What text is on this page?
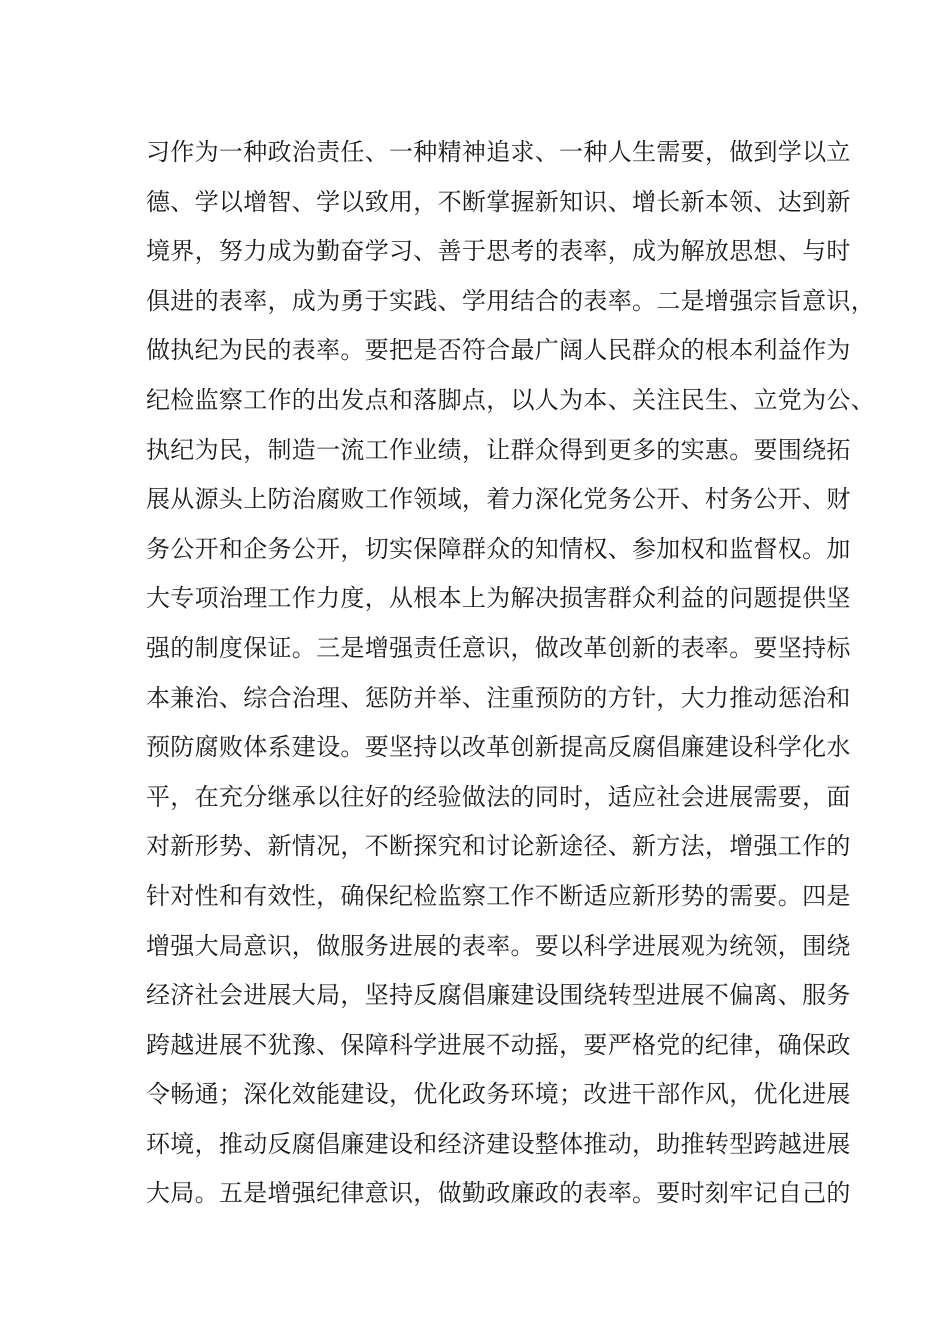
习作为一种政治责任、一种精神追求、一种人生需要，做到学以立
德、学以增智、学以致用，不断掌握新知识、增长新本领、达到新
境界，努力成为勤奋学习、善于思考的表率，成为解放思想、与时
俱进的表率，成为勇于实践、学用结合的表率。二是增强宗旨意识，
做执纪为民的表率。要把是否符合最广阔人民群众的根本利益作为
纪检监察工作的出发点和落脚点，以人为本、关注民生、立党为公、
执纪为民，制造一流工作业绩，让群众得到更多的实惠。要围绕拓
展从源头上防治腐败工作领域，着力深化党务公开、村务公开、财
务公开和企务公开，切实保障群众的知情权、参加权和监督权。加
大专项治理工作力度，从根本上为解决损害群众利益的问题提供坚
强的制度保证。三是增强责任意识，做改革创新的表率。要坚持标
本兼治、综合治理、惩防并举、注重预防的方针，大力推动惩治和
预防腐败体系建设。要坚持以改革创新提高反腐倡廉建设科学化水
平，在充分继承以往好的经验做法的同时，适应社会进展需要，面
对新形势、新情况，不断探究和讨论新途径、新方法，增强工作的
针对性和有效性，确保纪检监察工作不断适应新形势的需要。四是
增强大局意识，做服务进展的表率。要以科学进展观为统领，围绕
经济社会进展大局，坚持反腐倡廉建设围绕转型进展不偏离、服务
跨越进展不犹豫、保障科学进展不动摇，要严格党的纪律，确保政
令畅通；深化效能建设，优化政务环境；改进干部作风，优化进展
环境，推动反腐倡廉建设和经济建设整体推动，助推转型跨越进展
大局。五是增强纪律意识，做勤政廉政的表率。要时刻牢记自己的
